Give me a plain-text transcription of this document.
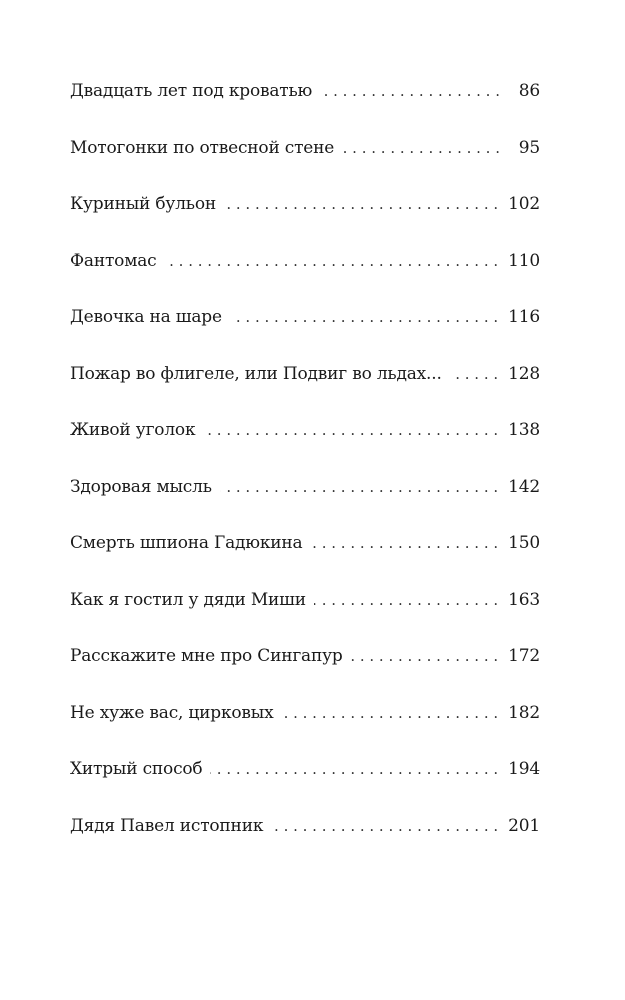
Двадцать лет под кроватью . . .	86
Мотогонки по отвесной стене . . .	95
Куриный бульон . . .	102
Фантомас . . .	110
Девочка на шаре . . .	116
Пожар во флигеле, или Подвиг во льдах... . . .	128
Живой уголок . . .	138
Здоровая мысль . . .	142
Смерть шпиона Гадюкина . . .	150
Как я гостил у дяди Миши . . .	163
Расскажите мне про Сингапур . . .	172
Не хуже вас, цирковых . . .	182
Хитрый способ . . .	194
Дядя Павел истопник . . .	201
